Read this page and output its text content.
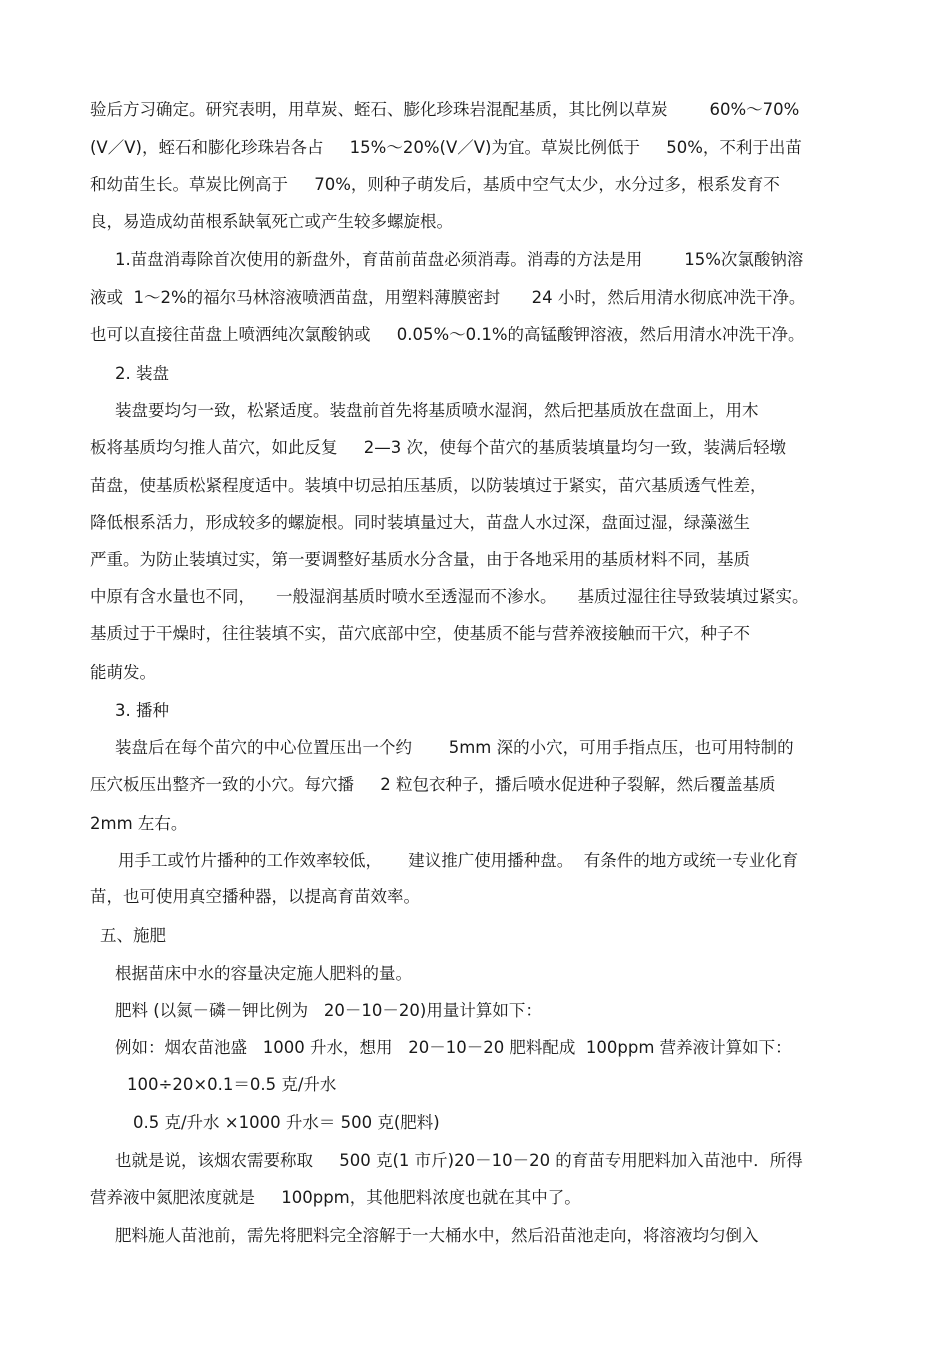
验后方习确定。研究表明，用草炭、蛭石、膨化珍珠岩混配基质，其比例以草炭        60%～70%
(V／V)，蛭石和膨化珍珠岩各占     15%～20%(V／V)为宜。草炭比例低于     50%，不利于出苗
和幼苗生长。草炭比例高于     70%，则种子萌发后，基质中空气太少，水分过多，根系发育不
良，易造成幼苗根系缺氧死亡或产生较多螺旋根。
1.苗盘消毒除首次使用的新盘外，育苗前苗盘必须消毒。消毒的方法是用        15%次氯酸钠溶
液或  1～2%的福尔马林溶液喷洒苗盘，用塑料薄膜密封      24 小时，然后用清水彻底冲洗干净。
也可以直接往苗盘上喷洒纯次氯酸钠或     0.05%～0.1%的高锰酸钾溶液，然后用清水冲洗干净。
2. 装盘
装盘要均匀一致，松紧适度。装盘前首先将基质喷水湿润，然后把基质放在盘面上，用木
板将基质均匀推人苗穴，如此反复     2—3 次，使每个苗穴的基质装填量均匀一致，装满后轻墩
苗盘，使基质松紧程度适中。装填中切忌拍压基质，以防装填过于紧实，苗穴基质透气性差，
降低根系活力，形成较多的螺旋根。同时装填量过大，苗盘人水过深，盘面过湿，绿藻滋生
严重。为防止装填过实，第一要调整好基质水分含量，由于各地采用的基质材料不同，基质
中原有含水量也不同，    一般湿润基质时喷水至透湿而不渗水。    基质过湿往往导致装填过紧实。
基质过于干燥时，往往装填不实，苗穴底部中空，使基质不能与营养液接触而干穴，种子不
能萌发。
3. 播种
装盘后在每个苗穴的中心位置压出一个约       5mm 深的小穴，可用手指点压，也可用特制的
压穴板压出整齐一致的小穴。每穴播     2 粒包衣种子，播后喷水促进种子裂解，然后覆盖基质
2mm 左右。
用手工或竹片播种的工作效率较低，     建议推广使用播种盘。  有条件的地方或统一专业化育
苗，也可使用真空播种器，以提高育苗效率。
五、施肥
根据苗床中水的容量决定施人肥料的量。
肥料 (以氮－磷－钾比例为   20－10－20)用量计算如下：
例如：烟农苗池盛   1000 升水，想用   20－10－20 肥料配成  100ppm 营养液计算如下：
100÷20×0.1＝0.5 克/升水
0.5 克/升水 ×1000 升水＝ 500 克(肥料)
也就是说，该烟农需要称取     500 克(1 市斤)20－10－20 的育苗专用肥料加入苗池中．所得
营养液中氮肥浓度就是     100ppm，其他肥料浓度也就在其中了。
肥料施人苗池前，需先将肥料完全溶解于一大桶水中，然后沿苗池走向，将溶液均匀倒入
